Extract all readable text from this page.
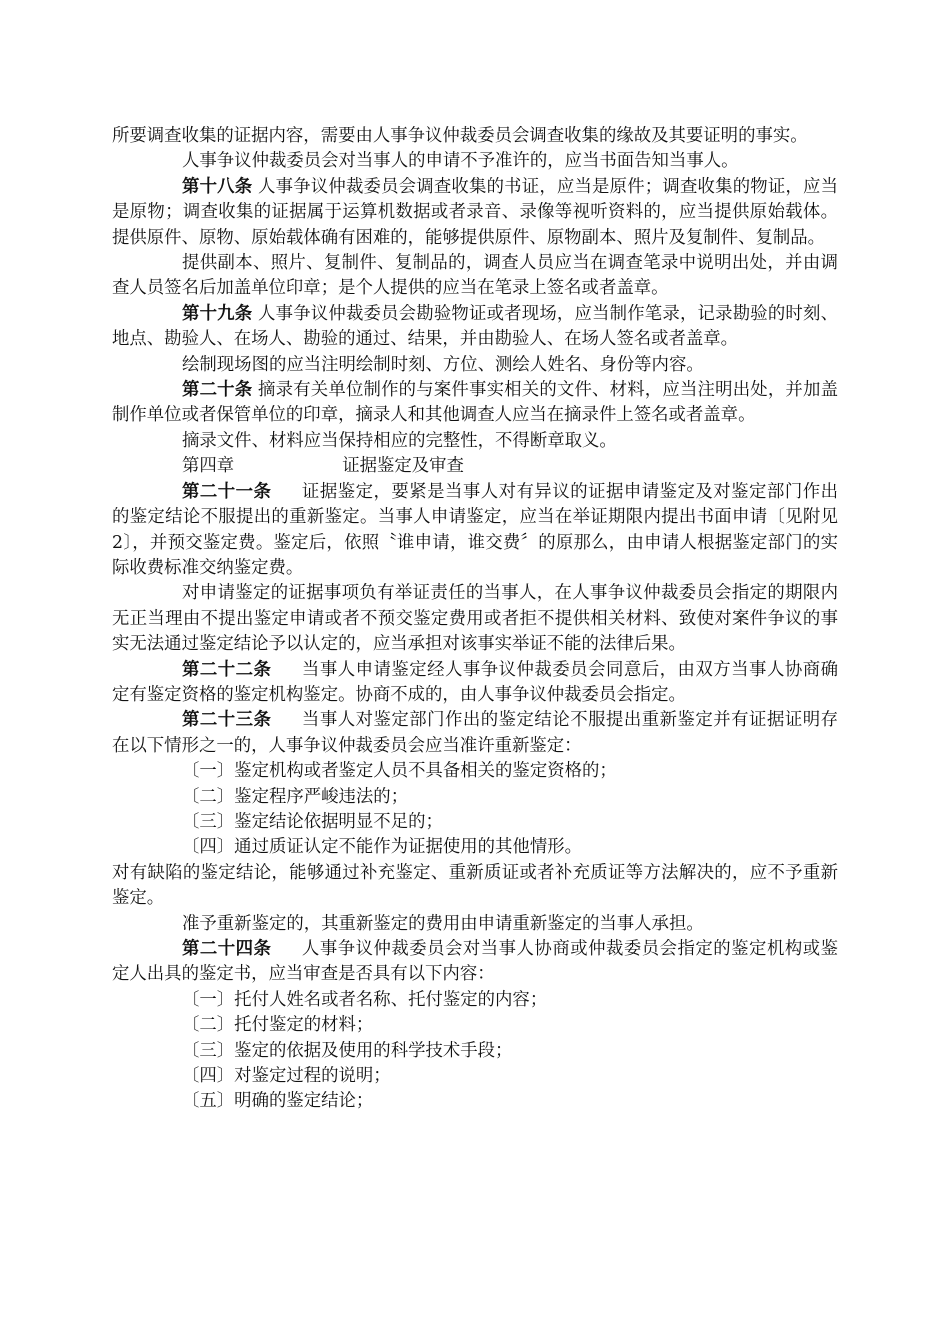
所要调查收集的证据内容，需要由人事争议仲裁委员会调查收集的缘故及其要证明的事实。

人事争议仲裁委员会对当事人的申请不予准许的，应当书面告知当事人。

第十八条 人事争议仲裁委员会调查收集的书证，应当是原件；调查收集的物证，应当是原物；调查收集的证据属于运算机数据或者录音、录像等视听资料的，应当提供原始载体。提供原件、原物、原始载体确有困难的，能够提供原件、原物副本、照片及复制件、复制品。

提供副本、照片、复制件、复制品的，调查人员应当在调查笔录中说明出处，并由调查人员签名后加盖单位印章；是个人提供的应当在笔录上签名或者盖章。

第十九条 人事争议仲裁委员会勘验物证或者现场，应当制作笔录，记录勘验的时刻、地点、勘验人、在场人、勘验的通过、结果，并由勘验人、在场人签名或者盖章。

绘制现场图的应当注明绘制时刻、方位、测绘人姓名、身份等内容。

第二十条 摘录有关单位制作的与案件事实相关的文件、材料，应当注明出处，并加盖制作单位或者保管单位的印章，摘录人和其他调查人应当在摘录件上签名或者盖章。

摘录文件、材料应当保持相应的完整性，不得断章取义。

第四章	证据鉴定及审查

第二十一条 证据鉴定，要紧是当事人对有异议的证据申请鉴定及对鉴定部门作出的鉴定结论不服提出的重新鉴定。当事人申请鉴定，应当在举证期限内提出书面申请〔见附见2〕，并预交鉴定费。鉴定后，依照〝谁申请，谁交费〞的原那么，由申请人根据鉴定部门的实际收费标准交纳鉴定费。

对申请鉴定的证据事项负有举证责任的当事人，在人事争议仲裁委员会指定的期限内无正当理由不提出鉴定申请或者不预交鉴定费用或者拒不提供相关材料、致使对案件争议的事实无法通过鉴定结论予以认定的，应当承担对该事实举证不能的法律后果。

第二十二条 当事人申请鉴定经人事争议仲裁委员会同意后，由双方当事人协商确定有鉴定资格的鉴定机构鉴定。协商不成的，由人事争议仲裁委员会指定。

第二十三条 当事人对鉴定部门作出的鉴定结论不服提出重新鉴定并有证据证明存在以下情形之一的，人事争议仲裁委员会应当准许重新鉴定：

〔一〕鉴定机构或者鉴定人员不具备相关的鉴定资格的；

〔二〕鉴定程序严峻违法的；

〔三〕鉴定结论依据明显不足的；

〔四〕通过质证认定不能作为证据使用的其他情形。

对有缺陷的鉴定结论，能够通过补充鉴定、重新质证或者补充质证等方法解决的，应不予重新鉴定。

准予重新鉴定的，其重新鉴定的费用由申请重新鉴定的当事人承担。

第二十四条 人事争议仲裁委员会对当事人协商或仲裁委员会指定的鉴定机构或鉴定人出具的鉴定书，应当审查是否具有以下内容：

〔一〕托付人姓名或者名称、托付鉴定的内容；

〔二〕托付鉴定的材料；

〔三〕鉴定的依据及使用的科学技术手段；

〔四〕对鉴定过程的说明；

〔五〕明确的鉴定结论；
